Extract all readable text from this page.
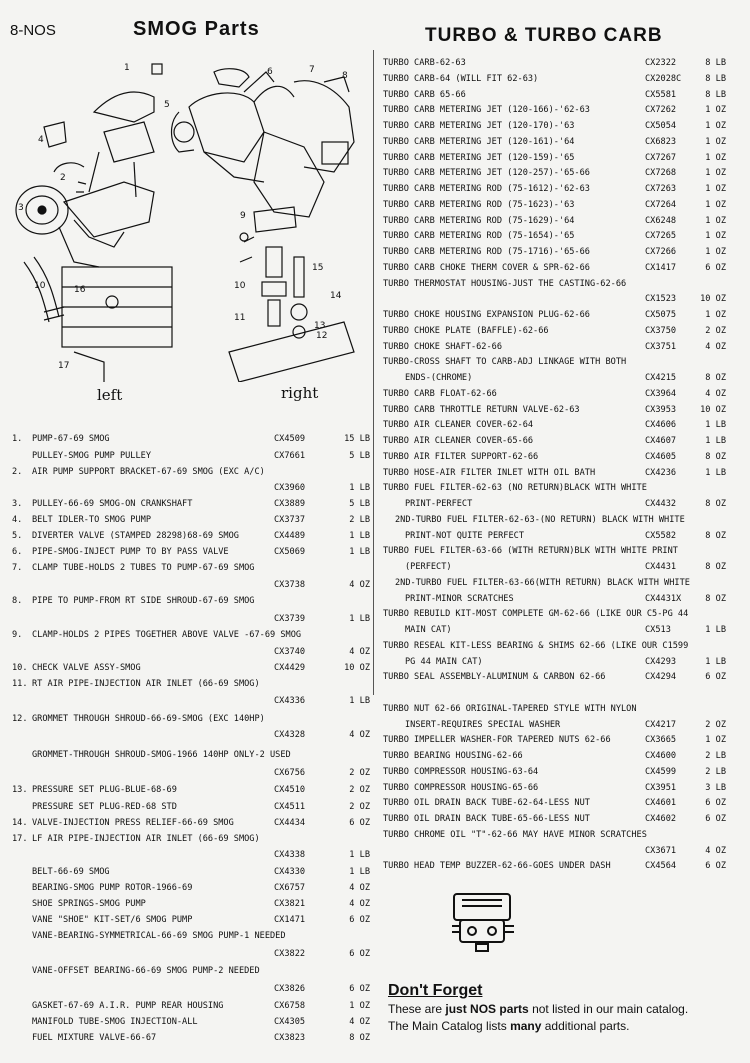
8-NOS	SMOG Parts	TURBO & TURBO CARB
1
2
3
4
5
6	7
8
9
10	10
11
12
13
14
15
16
17
left	right
1. PUMP-67-69 SMOG	CX4509	15 LB
PULLEY-SMOG PUMP PULLEY	CX7661	5 LB
2. AIR PUMP SUPPORT BRACKET-67-69 SMOG (EXC A/C)
CX3960	1 LB
3. PULLEY-66-69 SMOG-ON CRANKSHAFT	CX3889	5 LB
4. BELT IDLER-TO SMOG PUMP	CX3737	2 LB
5. DIVERTER VALVE (STAMPED 28298)68-69 SMOG	CX4489	1 LB
6. PIPE-SMOG-INJECT PUMP TO BY PASS VALVE	CX5069	1 LB
7. CLAMP TUBE-HOLDS 2 TUBES TO PUMP-67-69 SMOG
CX3738	4 OZ
8. PIPE TO PUMP-FROM RT SIDE SHROUD-67-69 SMOG
CX3739	1 LB
9. CLAMP-HOLDS 2 PIPES TOGETHER ABOVE VALVE -67-69 SMOG
CX3740	4 OZ
10. CHECK VALVE ASSY-SMOG	CX4429	10 OZ
11. RT AIR PIPE-INJECTION AIR INLET (66-69 SMOG)
CX4336	1 LB
12. GROMMET THROUGH SHROUD-66-69-SMOG (EXC 140HP)
CX4328	4 OZ
GROMMET-THROUGH SHROUD-SMOG-1966 140HP ONLY-2 USED
CX6756	2 OZ
13. PRESSURE SET PLUG-BLUE-68-69	CX4510	2 OZ
PRESSURE SET PLUG-RED-68 STD	CX4511	2 OZ
14. VALVE-INJECTION PRESS RELIEF-66-69 SMOG	CX4434	6 OZ
17. LF AIR PIPE-INJECTION AIR INLET (66-69 SMOG)
CX4338	1 LB
BELT-66-69 SMOG	CX4330	1 LB
BEARING-SMOG PUMP ROTOR-1966-69	CX6757	4 OZ
SHOE SPRINGS-SMOG PUMP	CX3821	4 OZ
VANE "SHOE" KIT-SET/6 SMOG PUMP	CX1471	6 OZ
VANE-BEARING-SYMMETRICAL-66-69 SMOG PUMP-1 NEEDED
CX3822	6 OZ
VANE-OFFSET BEARING-66-69 SMOG PUMP-2 NEEDED
CX3826	6 OZ
GASKET-67-69 A.I.R. PUMP REAR HOUSING	CX6758	1 OZ
MANIFOLD TUBE-SMOG INJECTION-ALL	CX4305	4 OZ
FUEL MIXTURE VALVE-66-67	CX3823	8 OZ
TURBO CARB-62-63	CX2322	8 LB
TURBO CARB-64 (WILL FIT 62-63)	CX2028C	8 LB
TURBO CARB 65-66	CX5581	8 LB
TURBO CARB METERING JET (120-166)-'62-63	CX7262	1 OZ
TURBO CARB METERING JET (120-170)-'63	CX5054	1 OZ
TURBO CARB METERING JET (120-161)-'64	CX6823	1 OZ
TURBO CARB METERING JET (120-159)-'65	CX7267	1 OZ
TURBO CARB METERING JET (120-257)-'65-66	CX7268	1 OZ
TURBO CARB METERING ROD (75-1612)-'62-63	CX7263	1 OZ
TURBO CARB METERING ROD (75-1623)-'63	CX7264	1 OZ
TURBO CARB METERING ROD (75-1629)-'64	CX6248	1 OZ
TURBO CARB METERING ROD (75-1654)-'65	CX7265	1 OZ
TURBO CARB METERING ROD (75-1716)-'65-66	CX7266	1 OZ
TURBO CARB CHOKE THERM COVER & SPR-62-66	CX1417	6 OZ
TURBO THERMOSTAT HOUSING-JUST THE CASTING-62-66
CX1523	10 OZ
TURBO CHOKE HOUSING EXPANSION PLUG-62-66	CX5075	1 OZ
TURBO CHOKE PLATE (BAFFLE)-62-66	CX3750	2 OZ
TURBO CHOKE SHAFT-62-66	CX3751	4 OZ
TURBO-CROSS SHAFT TO CARB-ADJ LINKAGE WITH BOTH
ENDS-(CHROME)	CX4215	8 OZ
TURBO CARB FLOAT-62-66	CX3964	4 OZ
TURBO CARB THROTTLE RETURN VALVE-62-63	CX3953	10 OZ
TURBO AIR CLEANER COVER-62-64	CX4606	1 LB
TURBO AIR CLEANER COVER-65-66	CX4607	1 LB
TURBO AIR FILTER SUPPORT-62-66	CX4605	8 OZ
TURBO HOSE-AIR FILTER INLET WITH OIL BATH	CX4236	1 LB
TURBO FUEL FILTER-62-63 (NO RETURN)BLACK WITH WHITE
PRINT-PERFECT	CX4432	8 OZ
2ND-TURBO FUEL FILTER-62-63-(NO RETURN) BLACK WITH WHITE
PRINT-NOT QUITE PERFECT	CX5582	8 OZ
TURBO FUEL FILTER-63-66 (WITH RETURN)BLK WITH WHITE PRINT
(PERFECT)	CX4431	8 OZ
2ND-TURBO FUEL FILTER-63-66(WITH RETURN) BLACK WITH WHITE
PRINT-MINOR SCRATCHES	CX4431X	8 OZ
TURBO REBUILD KIT-MOST COMPLETE GM-62-66 (LIKE OUR C5-PG 44
MAIN CAT)	CX513	1 LB
TURBO RESEAL KIT-LESS BEARING & SHIMS 62-66 (LIKE OUR C1599
PG 44 MAIN CAT)	CX4293	1 LB
TURBO SEAL ASSEMBLY-ALUMINUM & CARBON 62-66	CX4294	6 OZ
TURBO NUT 62-66 ORIGINAL-TAPERED STYLE WITH NYLON
INSERT-REQUIRES SPECIAL WASHER	CX4217	2 OZ
TURBO IMPELLER WASHER-FOR TAPERED NUTS 62-66	CX3665	1 OZ
TURBO BEARING HOUSING-62-66	CX4600	2 LB
TURBO COMPRESSOR HOUSING-63-64	CX4599	2 LB
TURBO COMPRESSOR HOUSING-65-66	CX3951	3 LB
TURBO OIL DRAIN BACK TUBE-62-64-LESS NUT	CX4601	6 OZ
TURBO OIL DRAIN BACK TUBE-65-66-LESS NUT	CX4602	6 OZ
TURBO CHROME OIL "T"-62-66 MAY HAVE MINOR SCRATCHES
CX3671	4 OZ
TURBO HEAD TEMP BUZZER-62-66-GOES UNDER DASH	CX4564	6 OZ
Don't Forget
These are just NOS parts not listed in our main catalog.
The Main Catalog lists many additional parts.
